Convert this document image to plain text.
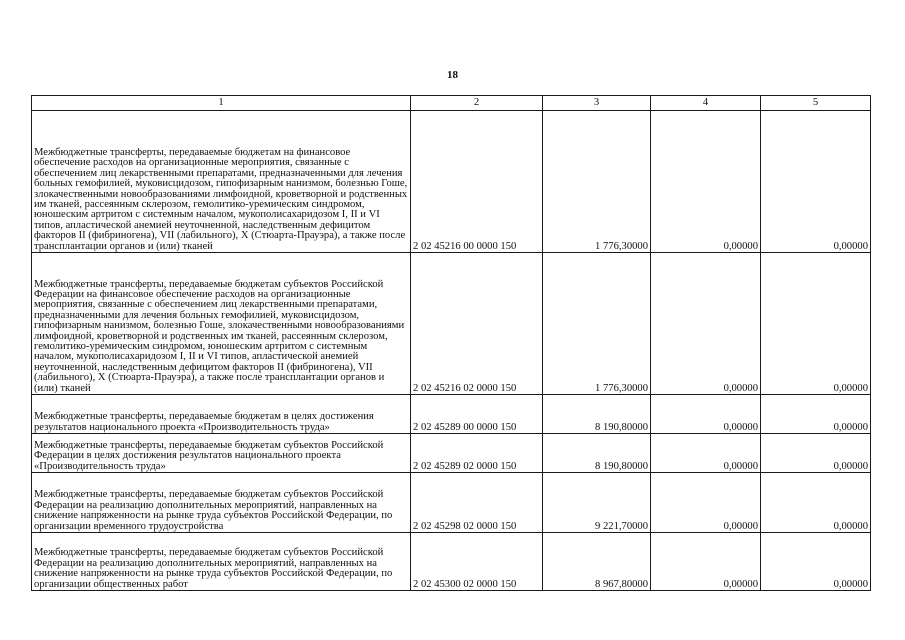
18
1	2	3	4	5
Межбюджетные трансферты, передаваемые бюджетам на финансовое обеспечение расходов на организационные мероприятия, связанные с обеспечением лиц лекарственными препаратами, предназначенными для лечения больных гемофилией, муковисцидозом, гипофизарным нанизмом, болезнью Гоше, злокачественными новообразованиями лимфоидной, кроветворной и родственных им тканей, рассеянным склерозом, гемолитико-уремическим синдромом, юношеским артритом с системным началом, мукополисахаридозом I, II и VI типов, апластической анемией неуточненной, наследственным дефицитом факторов II (фибриногена), VII (лабильного), X (Стюарта-Прауэра), а также после трансплантации органов и (или) тканей	2 02 45216 00 0000 150	1 776,30000	0,00000	0,00000
Межбюджетные трансферты, передаваемые бюджетам субъектов Российской Федерации на финансовое обеспечение расходов на организационные мероприятия, связанные с обеспечением лиц лекарственными препаратами, предназначенными для лечения больных гемофилией, муковисцидозом, гипофизарным нанизмом, болезнью Гоше, злокачественными новообразованиями лимфоидной, кроветворной и родственных им тканей, рассеянным склерозом, гемолитико-уремическим синдромом, юношеским артритом с системным началом, мукополисахаридозом I, II и VI типов, апластической анемией неуточненной, наследственным дефицитом факторов II (фибриногена), VII (лабильного), X (Стюарта-Прауэра), а также после трансплантации органов и (или) тканей	2 02 45216 02 0000 150	1 776,30000	0,00000	0,00000
Межбюджетные трансферты, передаваемые бюджетам в целях достижения результатов национального проекта «Производительность труда»	2 02 45289 00 0000 150	8 190,80000	0,00000	0,00000
Межбюджетные трансферты, передаваемые бюджетам субъектов Российской Федерации в целях достижения результатов национального проекта «Производительность труда»	2 02 45289 02 0000 150	8 190,80000	0,00000	0,00000
Межбюджетные трансферты, передаваемые бюджетам субъектов Российской Федерации на реализацию дополнительных мероприятий, направленных на снижение напряженности на рынке труда субъектов Российской Федерации, по организации временного трудоустройства	2 02 45298 02 0000 150	9 221,70000	0,00000	0,00000
Межбюджетные трансферты, передаваемые бюджетам субъектов Российской Федерации на реализацию дополнительных мероприятий, направленных на снижение напряженности на рынке труда субъектов Российской Федерации, по организации общественных работ	2 02 45300 02 0000 150	8 967,80000	0,00000	0,00000
